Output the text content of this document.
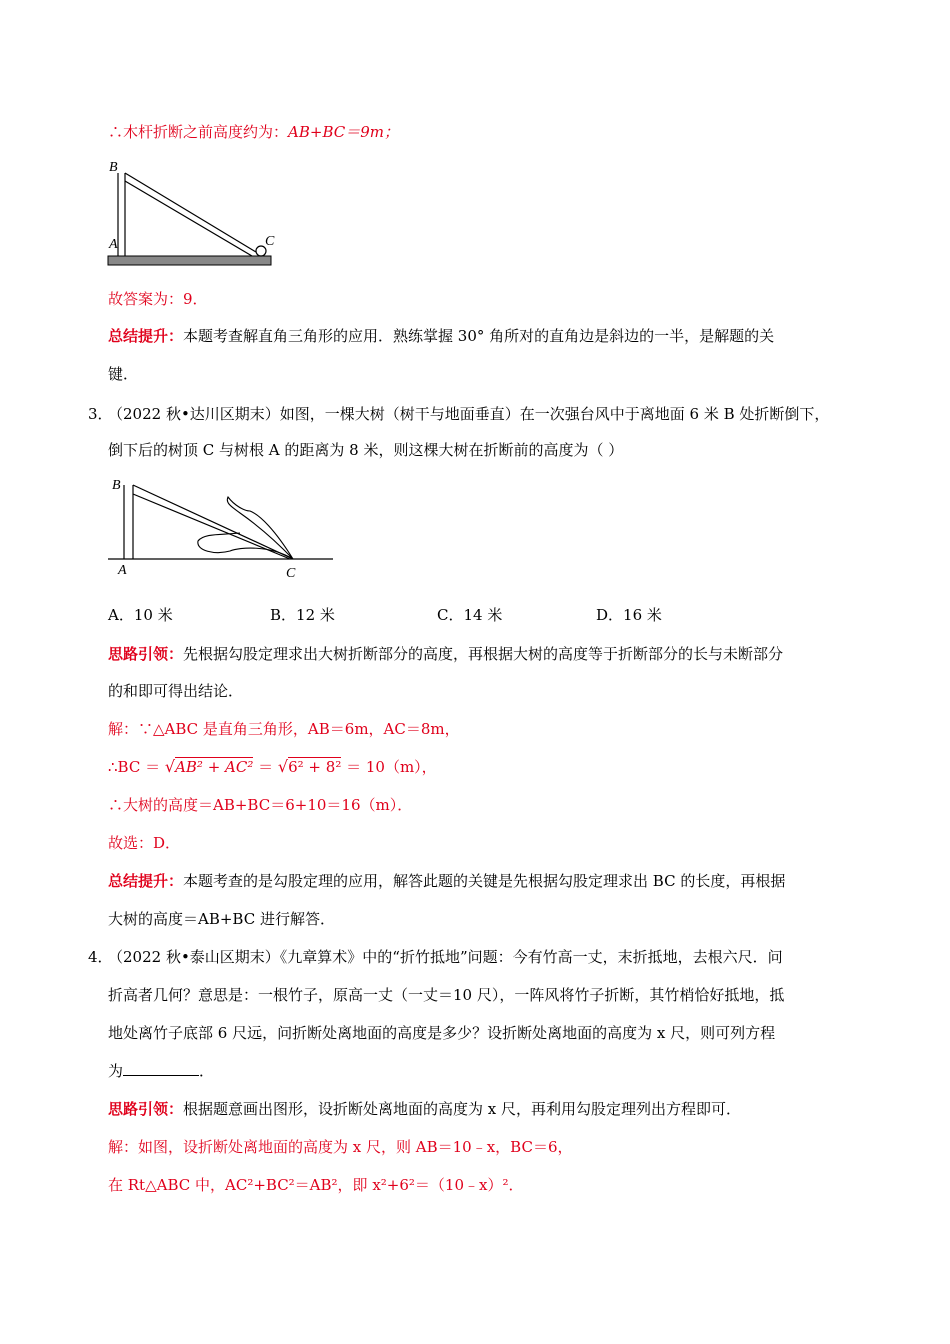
∴木杆折断之前高度约为：AB+BC＝9m；
B
A	C
故答案为：9．
总结提升：本题考查解直角三角形的应用．熟练掌握 30° 角所对的直角边是斜边的一半，是解题的关
键．
3．
（2022 秋•达川区期末）如图，一棵大树（树干与地面垂直）在一次强台风中于离地面 6 米 B 处折断倒下，
倒下后的树顶 C 与树根 A 的距离为 8 米，则这棵大树在折断前的高度为（ ）
B
A	C
A．10 米	B．12 米	C．14 米	D．16 米
思路引领：先根据勾股定理求出大树折断部分的高度，再根据大树的高度等于折断部分的长与未断部分
的和即可得出结论．
解：∵△ABC 是直角三角形，AB＝6m，AC＝8m，
∴BC ＝ √AB² + AC² ＝ √6² + 8² ＝ 10（m），
∴大树的高度＝AB+BC＝6+10＝16（m）．
故选：D．
总结提升：本题考查的是勾股定理的应用，解答此题的关键是先根据勾股定理求出 BC 的长度，再根据
大树的高度＝AB+BC 进行解答．
4．
（2022 秋•泰山区期末）《九章算术》中的“折竹抵地”问题：今有竹高一丈，末折抵地，去根六尺．问
折高者几何？意思是：一根竹子，原高一丈（一丈＝10 尺），一阵风将竹子折断，其竹梢恰好抵地，抵
地处离竹子底部 6 尺远，问折断处离地面的高度是多少？设折断处离地面的高度为 x 尺，则可列方程
为	．
思路引领：根据题意画出图形，设折断处离地面的高度为 x 尺，再利用勾股定理列出方程即可．
解：如图，设折断处离地面的高度为 x 尺，则 AB＝10﹣x，BC＝6，
在 Rt△ABC 中，AC²+BC²＝AB²，即 x²+6²＝（10﹣x）²．
